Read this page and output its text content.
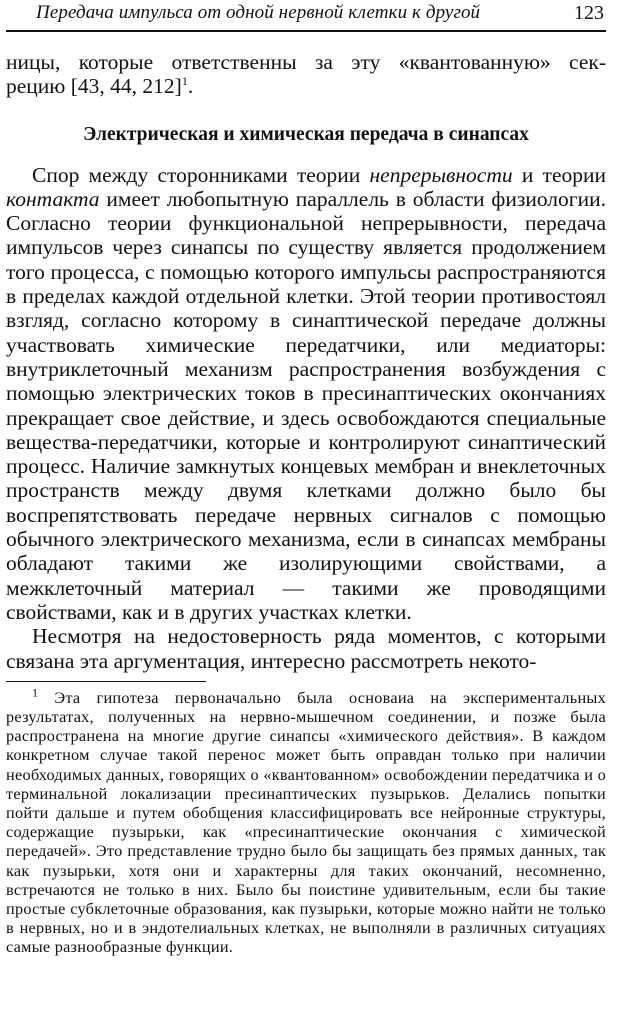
Передача импульса от одной нервной клетки к другой	123
ницы, которые ответственны за эту «квантованную» сек-
рецию [43, 44, 212]$^1$.
Электрическая и химическая передача в синапсах

Спор между сторонниками теории непрерывности и теории контакта имеет любопытную параллель в области физиологии. Согласно теории функциональной непрерывности, передача импульсов через синапсы по существу является продолжением того процесса, с помощью которого импульсы распространяются в пределах каждой отдельной клетки. Этой теории противостоял взгляд, согласно которому в синаптической передаче должны участвовать химические передатчики, или медиаторы: внутриклеточный механизм распространения возбуждения с помощью электрических токов в пресинаптических окончаниях прекращает свое действие, и здесь освобождаются специальные вещества-передатчики, которые и контролируют синаптический процесс. Наличие замкнутых концевых мембран и внеклеточных пространств между двумя клетками должно было бы воспрепятствовать передаче нервных сигналов с помощью обычного электрического механизма, если в синапсах мембраны обладают такими же изолирующими свойствами, а межклеточный материал — такими же проводящими свойствами, как и в других участках клетки.

Несмотря на недостоверность ряда моментов, с которыми связана эта аргументация, интересно рассмотреть некото-

$^1$ Эта гипотеза первоначально была основаиа на экспериментальных результатах, полученных на нервно-мышечном соединении, и позже была распространена на многие другие синапсы «химического действия». В каждом конкретном случае такой перенос может быть оправдан только при наличии необходимых данных, говорящих о «квантованном» освобождении передатчика и о терминальной локализации пресинаптических пузырьков. Делались попытки пойти дальше и путем обобщения классифицировать все нейронные структуры, содержащие пузырьки, как «пресинаптические окончания с химической передачей». Это представление трудно было бы защищать без прямых данных, так как пузырьки, хотя они и характерны для таких окончаний, несомненно, встречаются не только в них. Было бы поистине удивительным, если бы такие простые субклеточные образования, как пузырьки, которые можно найти не только в нервных, но и в эндотелиальных клетках, не выполняли в различных ситуациях самые разнообразные функции.
